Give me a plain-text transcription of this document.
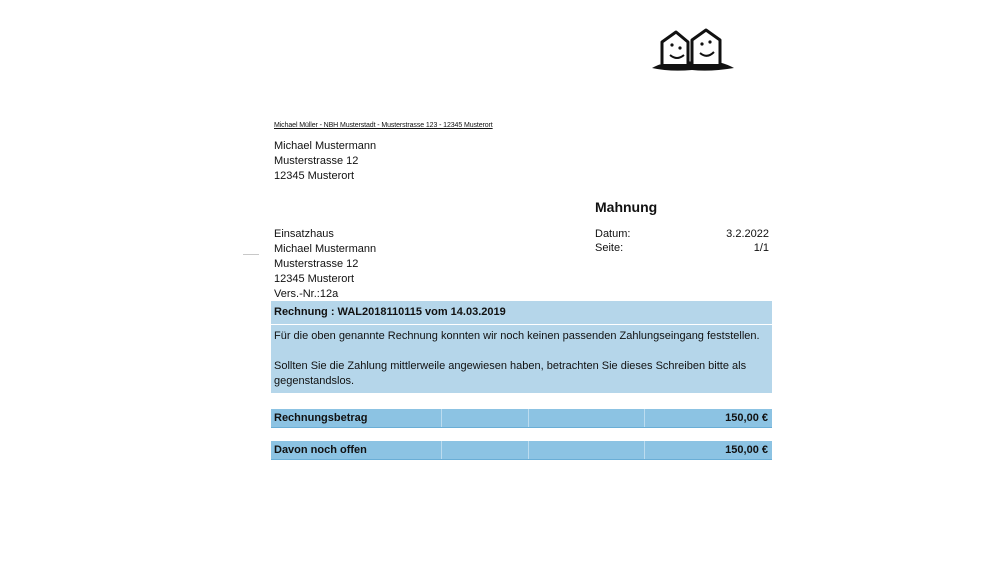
Michael Müller - NBH Musterstadt - Musterstrasse 123 - 12345 Musterort
Michael Mustermann
Musterstrasse 12
12345 Musterort
Mahnung
Einsatzhaus
Michael Mustermann
Musterstrasse 12
12345 Musterort
Vers.-Nr.:12a
Datum:	3.2.2022
Seite:	1/1
Rechnung : WAL2018110115 vom 14.03.2019

Für die oben genannte Rechnung konnten wir noch keinen passenden Zahlungseingang feststellen.

Sollten Sie die Zahlung mittlerweile angewiesen haben, betrachten Sie dieses Schreiben bitte als gegenstandslos.

Rechnungsbetrag	150,00 €
Davon noch offen	150,00 €
